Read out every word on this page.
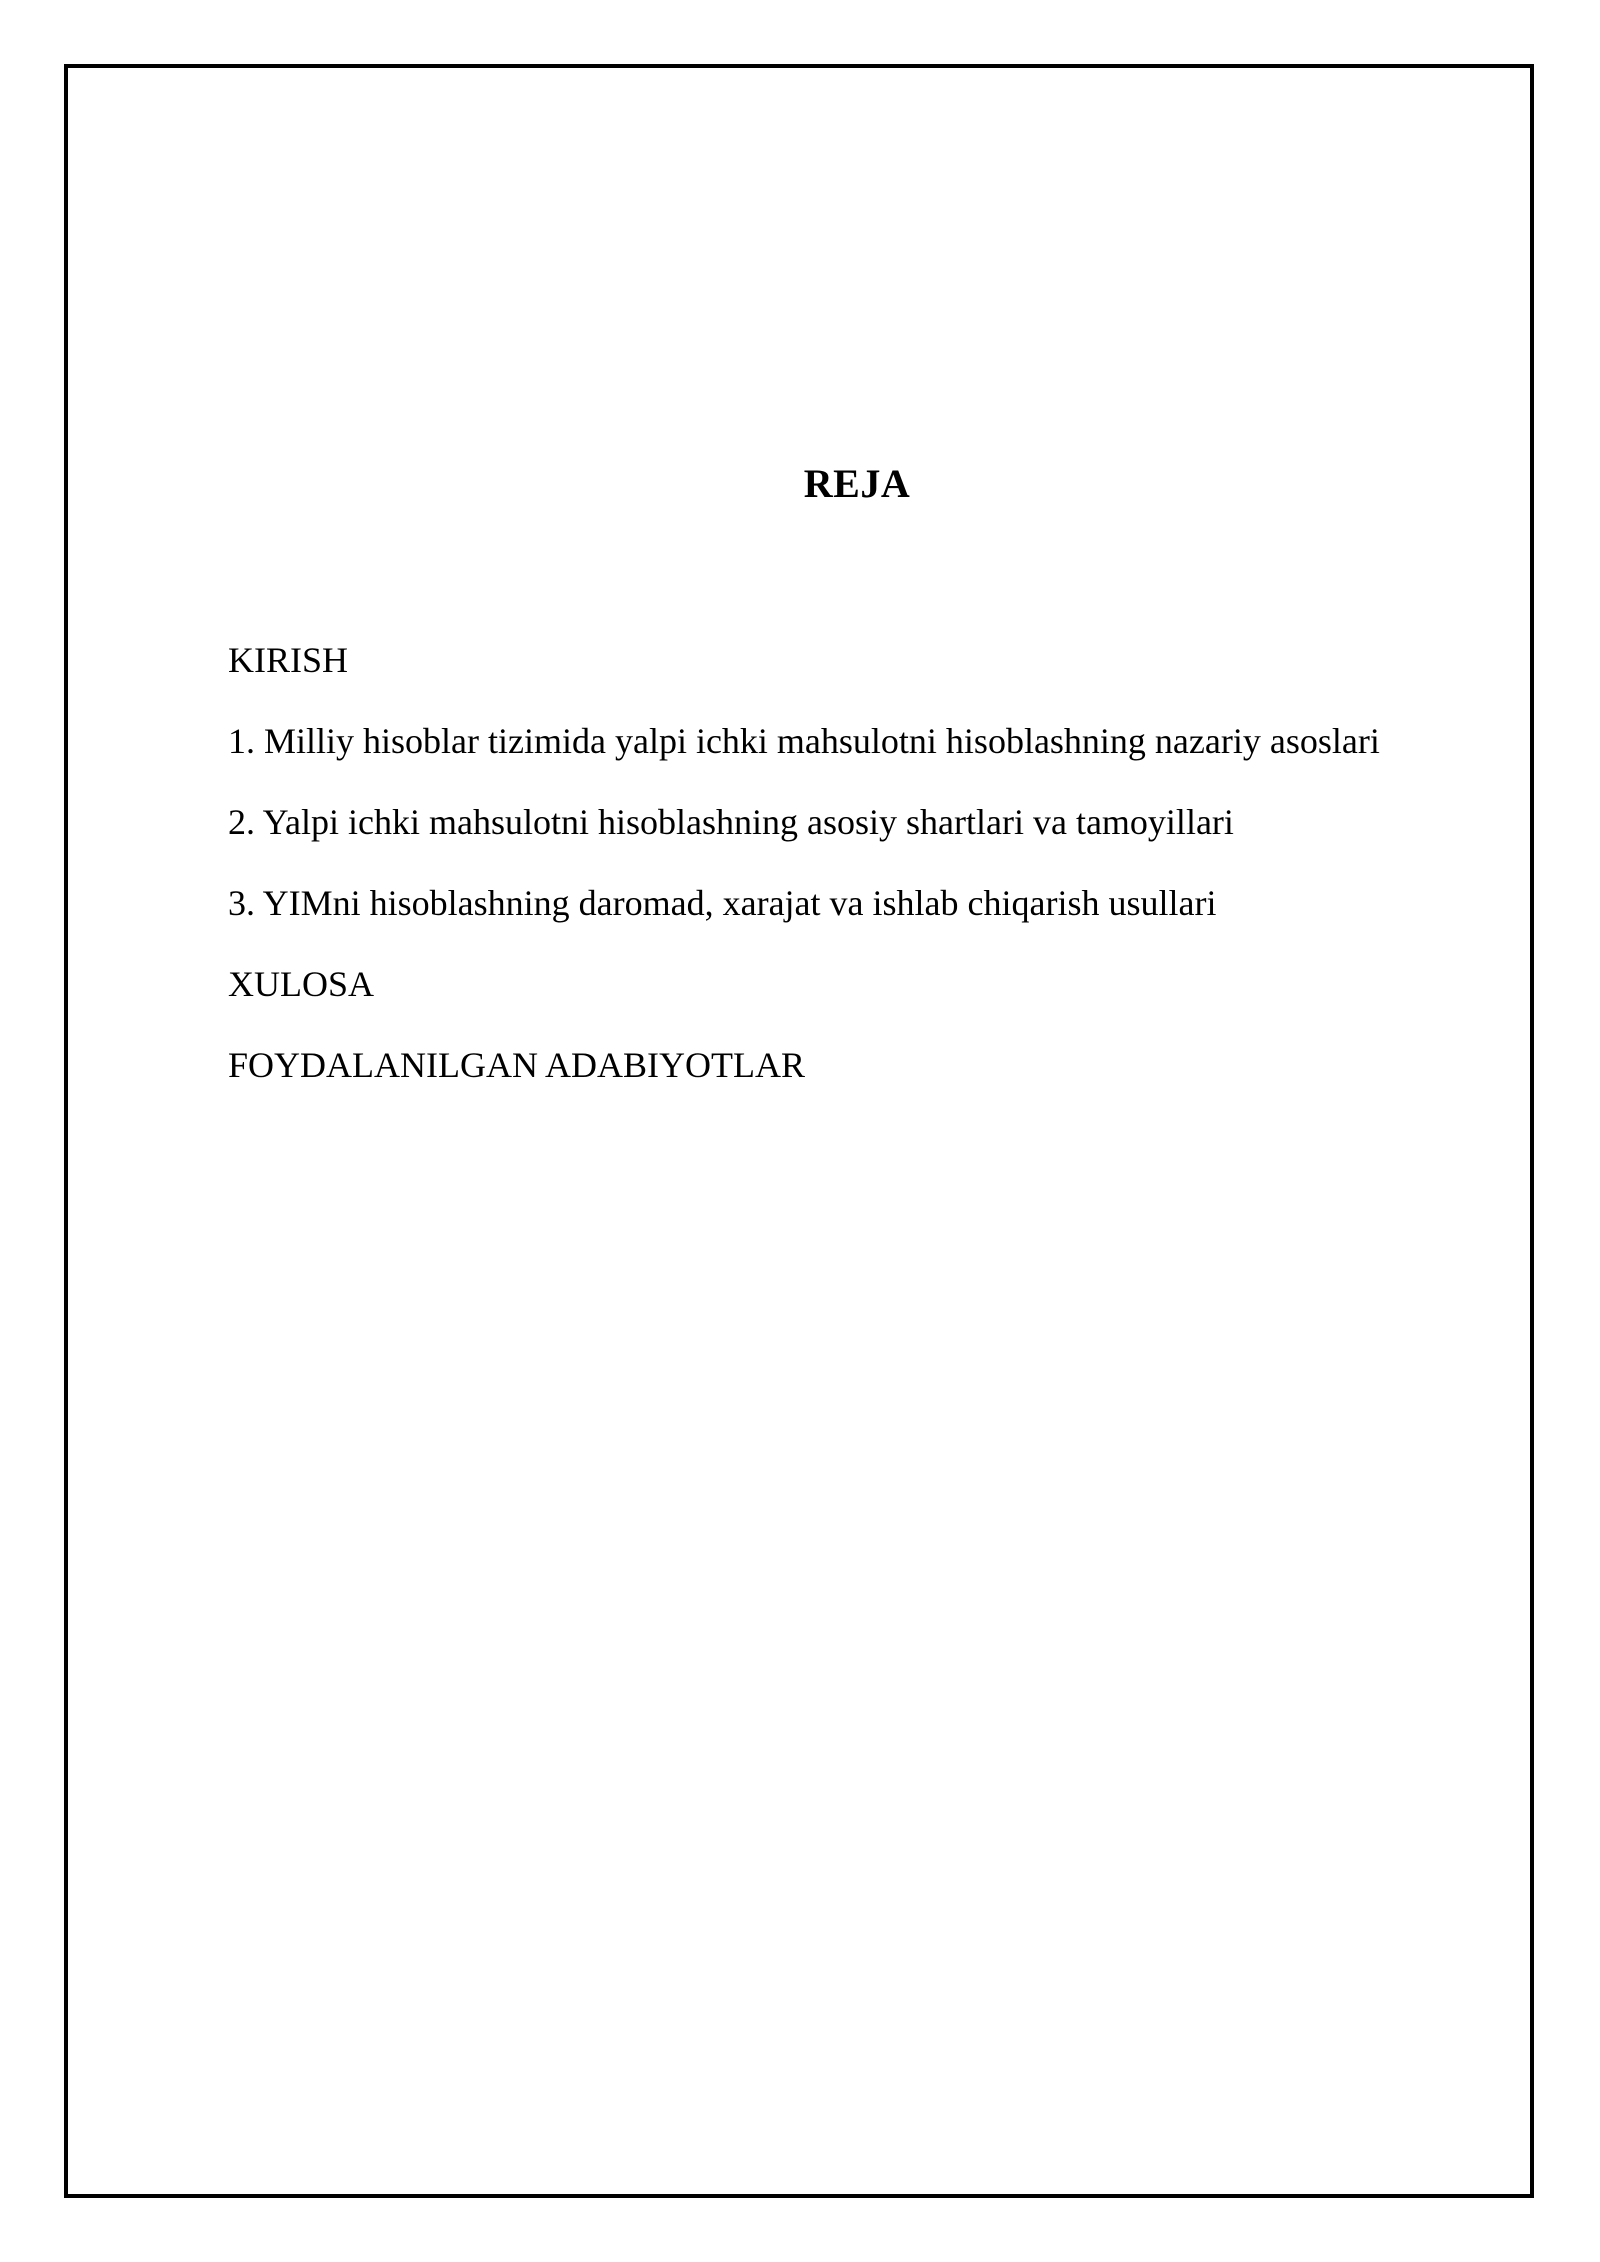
REJA
KIRISH
1. Milliy hisoblar tizimida yalpi ichki mahsulotni hisoblashning nazariy asoslari
2. Yalpi ichki mahsulotni hisoblashning asosiy shartlari va tamoyillari
3. YIMni hisoblashning daromad, xarajat va ishlab chiqarish usullari
XULOSA
FOYDALANILGAN ADABIYOTLAR
